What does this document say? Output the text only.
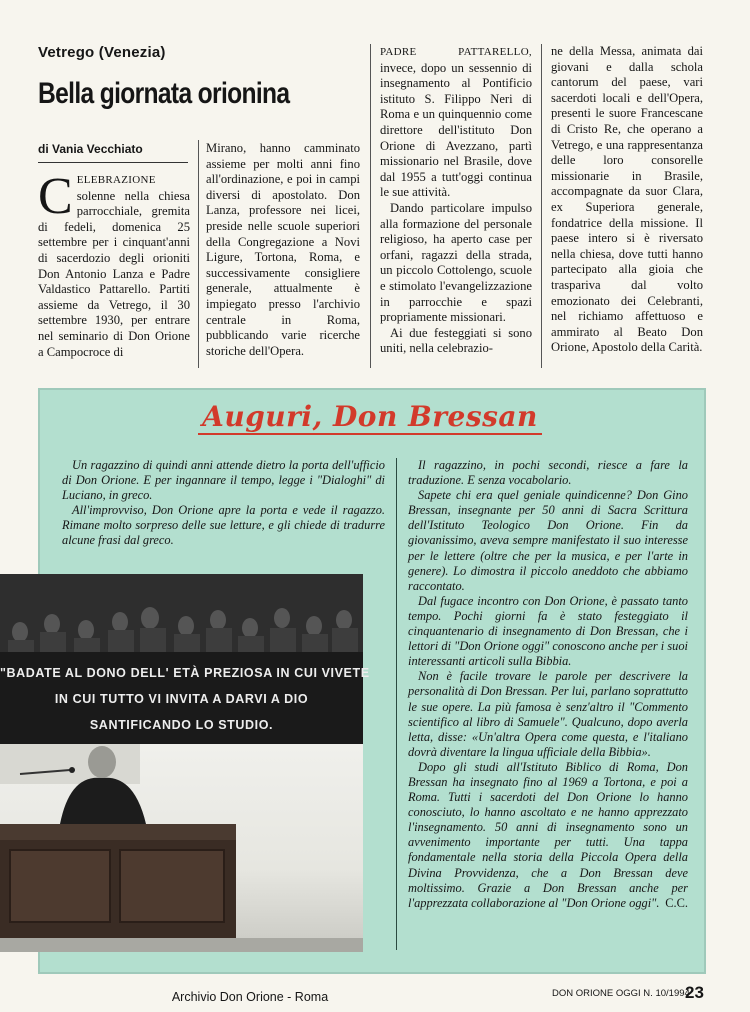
Vetrego (Venezia)
Bella giornata orionina
di Vania Vecchiato

CELEBRAZIONE solenne nella chiesa parrocchiale, gremita di fedeli, domenica 25 settembre per i cinquant'anni di sacerdozio degli orioniti Don Antonio Lanza e Padre Valdastico Pattarello. Partiti assieme da Vetrego, il 30 settembre 1930, per entrare nel seminario di Don Orione a Campocroce di

Mirano, hanno camminato assieme per molti anni fino all'ordinazione, e poi in campi diversi di apostolato. Don Lanza, professore nei licei, preside nelle scuole superiori della Congregazione a Novi Ligure, Tortona, Roma, e successivamente consigliere generale, attualmente è impiegato presso l'archivio centrale in Roma, pubblicando varie ricerche storiche dell'Opera.

PADRE PATTARELLO, invece, dopo un sessennio di insegnamento al Pontificio istituto S. Filippo Neri di Roma e un quinquennio come direttore dell'istituto Don Orione di Avezzano, partì missionario nel Brasile, dove dal 1955 a tutt'oggi continua le sue attività.

Dando particolare impulso alla formazione del personale religioso, ha aperto case per orfani, ragazzi della strada, un piccolo Cottolengo, scuole e stimolato l'evangelizzazione in parrocchie e spazi propriamente missionari.

Ai due festeggiati si sono uniti, nella celebrazio-

ne della Messa, animata dai giovani e dalla schola cantorum del paese, vari sacerdoti locali e dell'Opera, presenti le suore Francescane di Cristo Re, che operano a Vetrego, e una rappresentanza delle loro consorelle missionarie in Brasile, accompagnate da suor Clara, ex Superiora generale, fondatrice della missione. Il paese intero si è riversato nella chiesa, dove tutti hanno partecipato alla gioia che traspariva dal volto emozionato dei Celebranti, nel richiamo affettuoso e ammirato al Beato Don Orione, Apostolo della Carità.

Auguri, Don Bressan

Un ragazzino di quindi anni attende dietro la porta dell'ufficio di Don Orione. E per ingannare il tempo, legge i "Dialoghi" di Luciano, in greco.

All'improvviso, Don Orione apre la porta e vede il ragazzo. Rimane molto sorpreso delle sue letture, e gli chiede di tradurre alcune frasi dal greco.

Il ragazzino, in pochi secondi, riesce a fare la traduzione. E senza vocabolario.

Sapete chi era quel geniale quindicenne? Don Gino Bressan, insegnante per 50 anni di Sacra Scrittura dell'Istituto Teologico Don Orione. Fin da giovanissimo, aveva sempre manifestato il suo interesse per le lettere (oltre che per la musica, e per l'arte in genere). Lo dimostra il piccolo aneddoto che abbiamo raccontato.

Dal fugace incontro con Don Orione, è passato tanto tempo. Pochi giorni fa è stato festeggiato il cinquantenario di insegnamento di Don Bressan, che i lettori di "Don Orione oggi" conoscono anche per i suoi interessanti articoli sulla Bibbia.

Non è facile trovare le parole per descrivere la personalità di Don Bressan. Per lui, parlano soprattutto le sue opere. La più famosa è senz'altro il "Commento scientifico al libro di Samuele". Qualcuno, dopo averla letta, disse: «Un'altra Opera come questa, e l'italiano dovrà diventare la lingua ufficiale della Bibbia».

Dopo gli studi all'Istituto Biblico di Roma, Don Bressan ha insegnato fino al 1969 a Tortona, e poi a Roma. Tutti i sacerdoti del Don Orione lo hanno conosciuto, lo hanno ascoltato e ne hanno apprezzato l'insegnamento. 50 anni di insegnamento sono un avvenimento importante per tutti. Una tappa fondamentale nella storia della Piccola Opera della Divina Provvidenza, che a Don Bressan deve moltissimo. Grazie a Don Bressan anche per l'apprezzata collaborazione al "Don Orione oggi". C.C.
"BADATE AL DONO DELL' ETÀ PREZIOSA IN CUI VIVETE
IN CUI TUTTO VI INVITA A DARVI A DIO
SANTIFICANDO LO STUDIO.
Archivio Don Orione - Roma	DON ORIONE OGGI N. 10/1994
23
